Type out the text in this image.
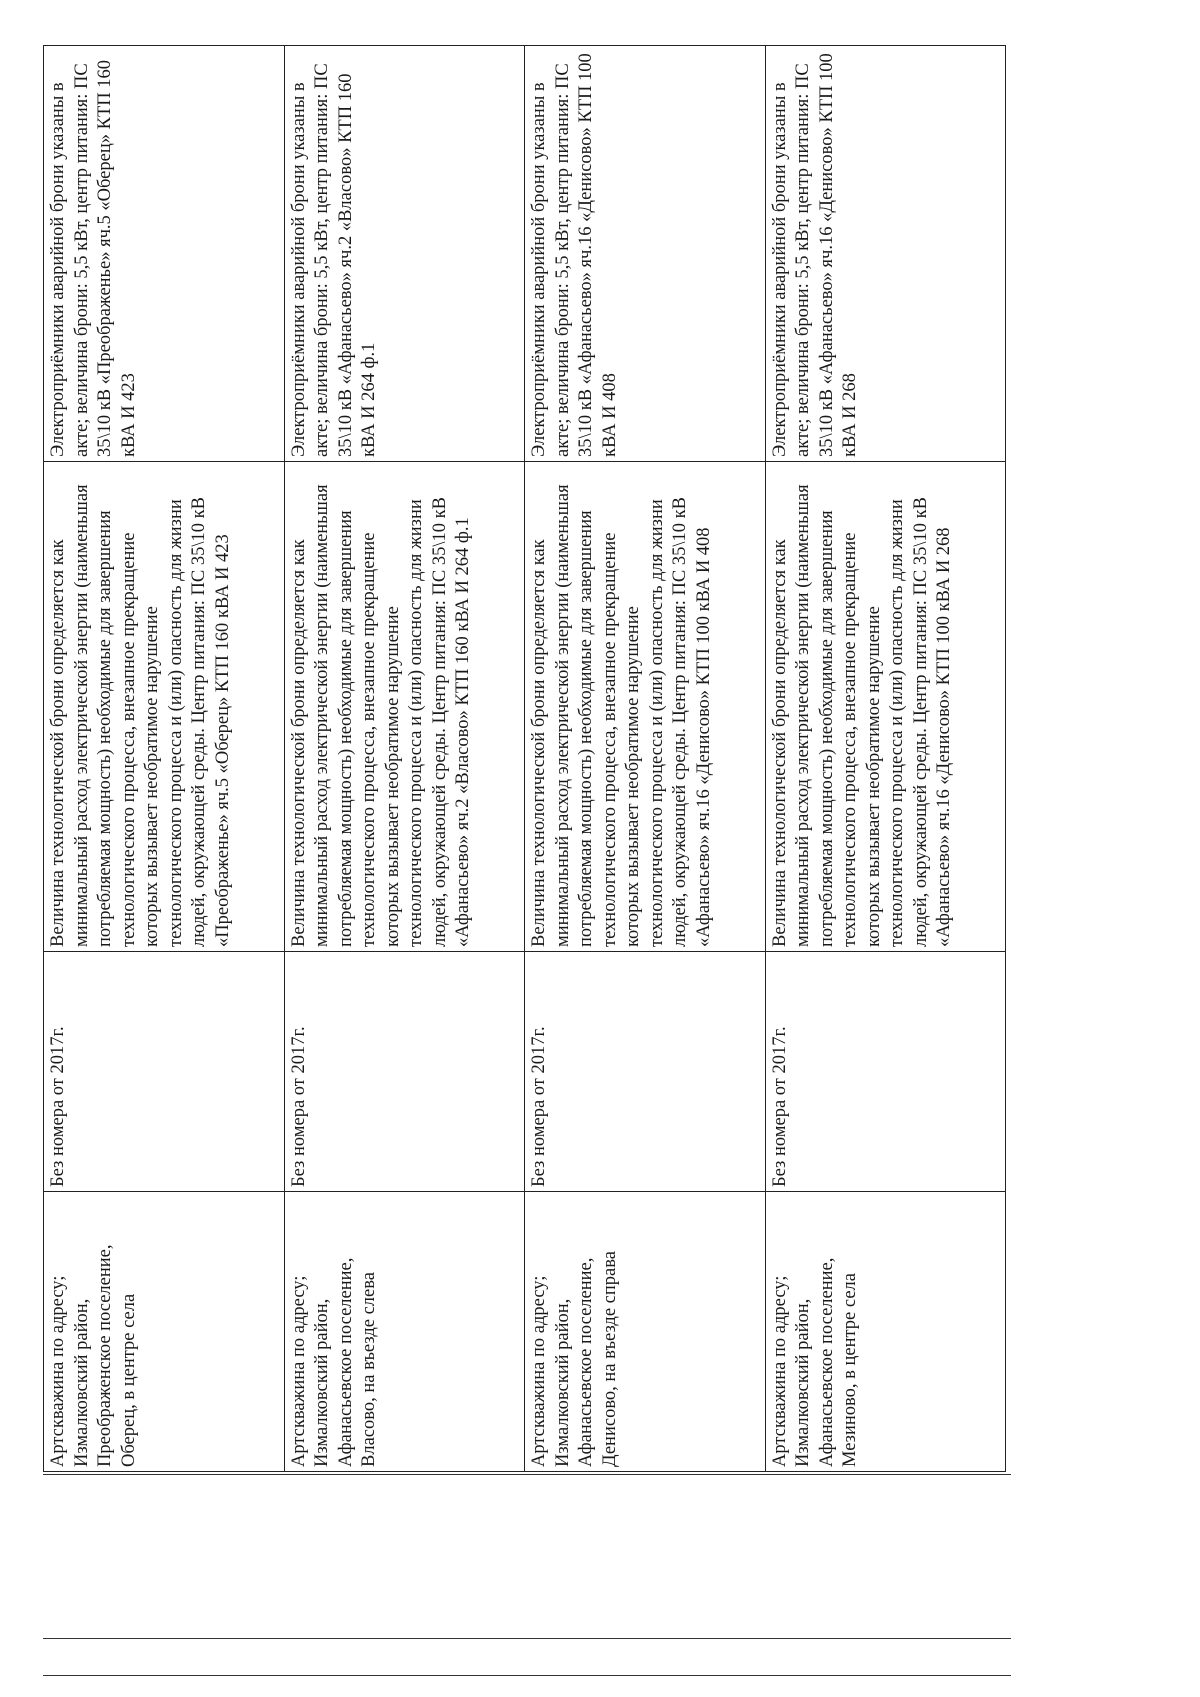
Артскважина по адресу; Измалковский район, Преображенское поселение, Оберец, в центре села	Без номера от 2017г.	Величина технологической брони определяется как минимальный расход электрической энергии (наименьшая потребляемая мощность) необходимые для завершения технологического процесса, внезапное прекращение которых вызывает необратимое нарушение технологического процесса и (или) опасность для жизни людей, окружающей среды. Центр питания: ПС 35\10 кВ «Преображенье» яч.5 «Оберец» КТП 160 кВА И 423	Электроприёмники аварийной брони указаны в акте; величина брони: 5,5 кВт, центр питания: ПС 35\10 кВ «Преображенье» яч.5 «Оберец» КТП 160 кВА И 423
Артскважина по адресу; Измалковский район, Афанасьевское поселение, Власово, на въезде слева	Без номера от 2017г.	Величина технологической брони определяется как минимальный расход электрической энергии (наименьшая потребляемая мощность) необходимые для завершения технологического процесса, внезапное прекращение которых вызывает необратимое нарушение технологического процесса и (или) опасность для жизни людей, окружающей среды. Центр питания: ПС 35\10 кВ «Афанасьево» яч.2 «Власово» КТП 160 кВА И 264 ф.1	Электроприёмники аварийной брони указаны в акте; величина брони: 5,5 кВт, центр питания: ПС 35\10 кВ «Афанасьево» яч.2 «Власово» КТП 160 кВА И 264 ф.1
Артскважина по адресу; Измалковский район, Афанасьевское поселение, Денисово, на въезде справа	Без номера от 2017г.	Величина технологической брони определяется как минимальный расход электрической энергии (наименьшая потребляемая мощность) необходимые для завершения технологического процесса, внезапное прекращение которых вызывает необратимое нарушение технологического процесса и (или) опасность для жизни людей, окружающей среды. Центр питания: ПС 35\10 кВ «Афанасьево» яч.16 «Денисово» КТП 100 кВА И 408	Электроприёмники аварийной брони указаны в акте; величина брони: 5,5 кВт, центр питания: ПС 35\10 кВ «Афанасьево» яч.16 «Денисово» КТП 100 кВА И 408
Артскважина по адресу; Измалковский район, Афанасьевское поселение, Мезиново, в центре села	Без номера от 2017г.	Величина технологической брони определяется как минимальный расход электрической энергии (наименьшая потребляемая мощность) необходимые для завершения технологического процесса, внезапное прекращение которых вызывает необратимое нарушение технологического процесса и (или) опасность для жизни людей, окружающей среды. Центр питания: ПС 35\10 кВ «Афанасьево» яч.16 «Денисово» КТП 100 кВА И 268	Электроприёмники аварийной брони указаны в акте; величина брони: 5,5 кВт, центр питания: ПС 35\10 кВ «Афанасьево» яч.16 «Денисово» КТП 100 кВА И 268
